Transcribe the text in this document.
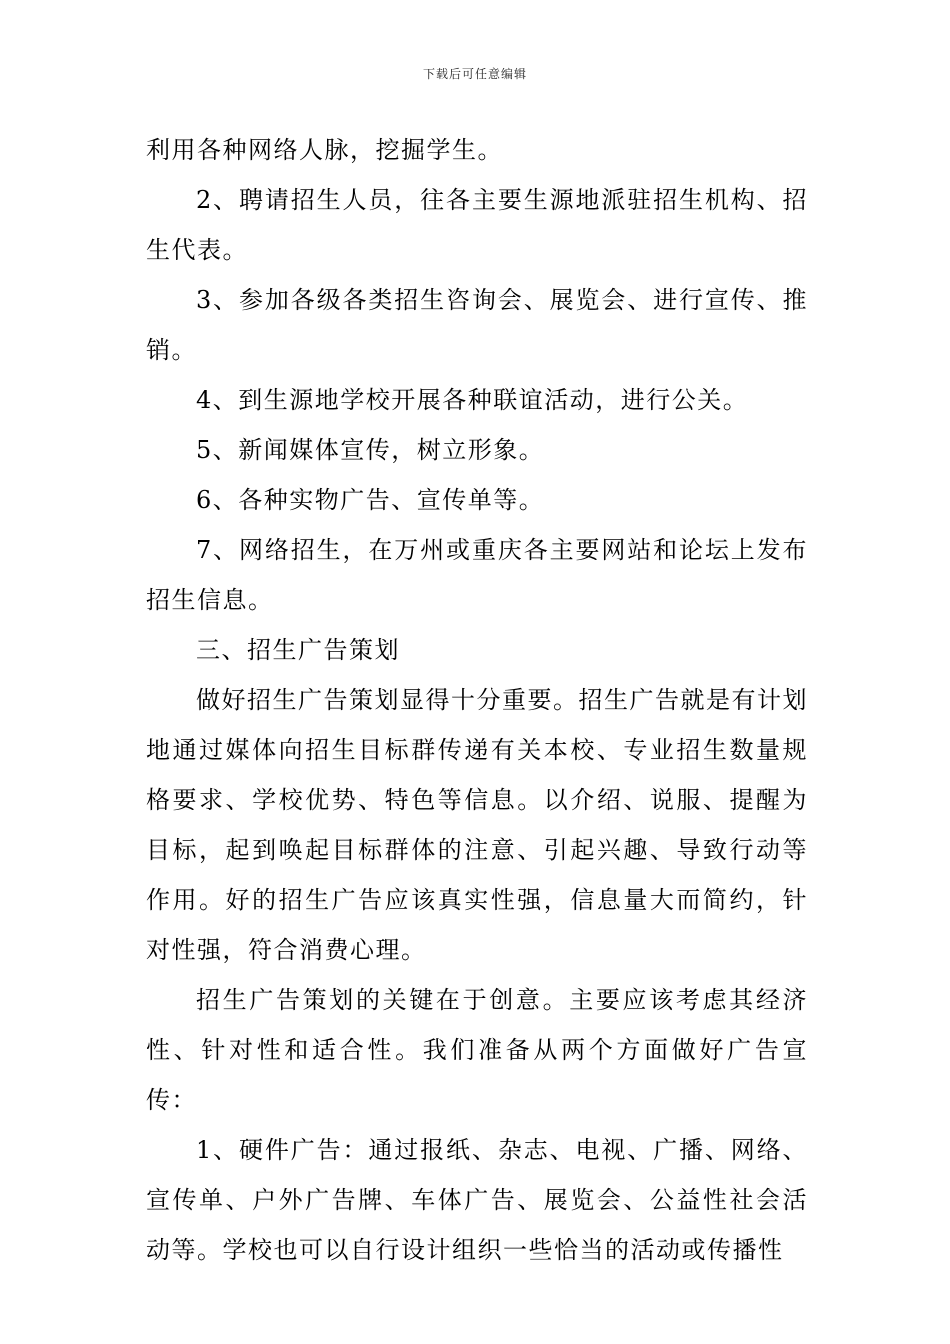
下载后可任意编辑

利用各种网络人脉，挖掘学生。

2、聘请招生人员，往各主要生源地派驻招生机构、招生代表。

3、参加各级各类招生咨询会、展览会、进行宣传、推销。

4、到生源地学校开展各种联谊活动，进行公关。

5、新闻媒体宣传，树立形象。

6、各种实物广告、宣传单等。

7、网络招生，在万州或重庆各主要网站和论坛上发布招生信息。

三、招生广告策划

做好招生广告策划显得十分重要。招生广告就是有计划地通过媒体向招生目标群传递有关本校、专业招生数量规格要求、学校优势、特色等信息。以介绍、说服、提醒为目标，起到唤起目标群体的注意、引起兴趣、导致行动等作用。好的招生广告应该真实性强，信息量大而简约，针对性强，符合消费心理。

招生广告策划的关键在于创意。主要应该考虑其经济性、针对性和适合性。我们准备从两个方面做好广告宣传：

1、硬件广告：通过报纸、杂志、电视、广播、网络、宣传单、户外广告牌、车体广告、展览会、公益性社会活动等。学校也可以自行设计组织一些恰当的活动或传播性
